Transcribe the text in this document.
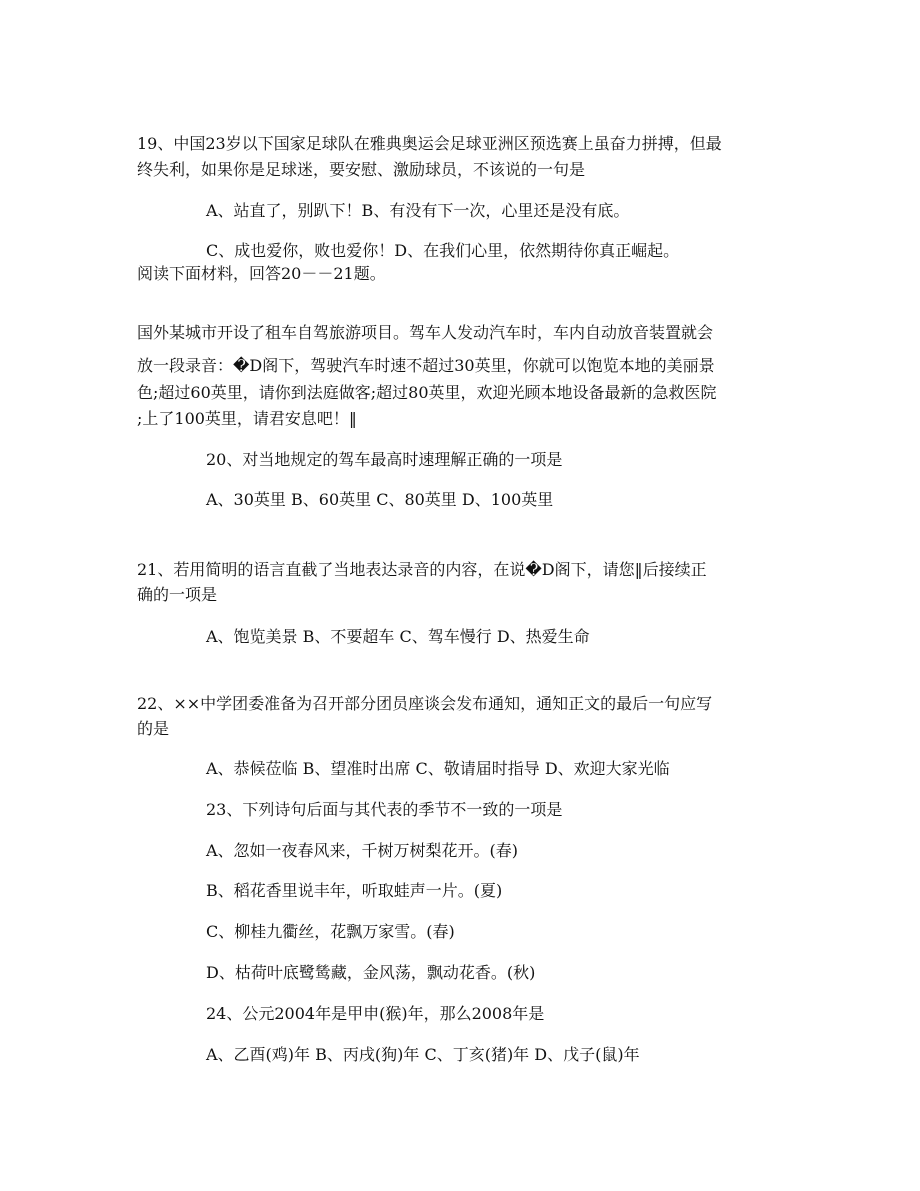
19、中国23岁以下国家足球队在雅典奥运会足球亚洲区预选赛上虽奋力拼搏，但最
终失利，如果你是足球迷，要安慰、激励球员，不该说的一句是
A、站直了，别趴下！B、有没有下一次，心里还是没有底。
C、成也爱你，败也爱你！D、在我们心里，依然期待你真正崛起。
阅读下面材料，回答20－－21题。
国外某城市开设了租车自驾旅游项目。驾车人发动汽车时，车内自动放音装置就会
放一段录音：�D阁下，驾驶汽车时速不超过30英里，你就可以饱览本地的美丽景
色;超过60英里，请你到法庭做客;超过80英里，欢迎光顾本地设备最新的急救医院
;上了100英里，请君安息吧！‖
20、对当地规定的驾车最高时速理解正确的一项是
A、30英里 B、60英里 C、80英里 D、100英里
21、若用简明的语言直截了当地表达录音的内容，在说�D阁下，请您‖后接续正
确的一项是
A、饱览美景 B、不要超车 C、驾车慢行 D、热爱生命
22、××中学团委准备为召开部分团员座谈会发布通知，通知正文的最后一句应写
的是
A、恭候莅临 B、望准时出席 C、敬请届时指导 D、欢迎大家光临
23、下列诗句后面与其代表的季节不一致的一项是
A、忽如一夜春风来，千树万树梨花开。(春)
B、稻花香里说丰年，听取蛙声一片。(夏)
C、柳桂九衢丝，花飘万家雪。(春)
D、枯荷叶底鹭鸶藏，金风荡，飘动花香。(秋)
24、公元2004年是甲申(猴)年，那么2008年是
A、乙酉(鸡)年 B、丙戌(狗)年 C、丁亥(猪)年 D、戊子(鼠)年
